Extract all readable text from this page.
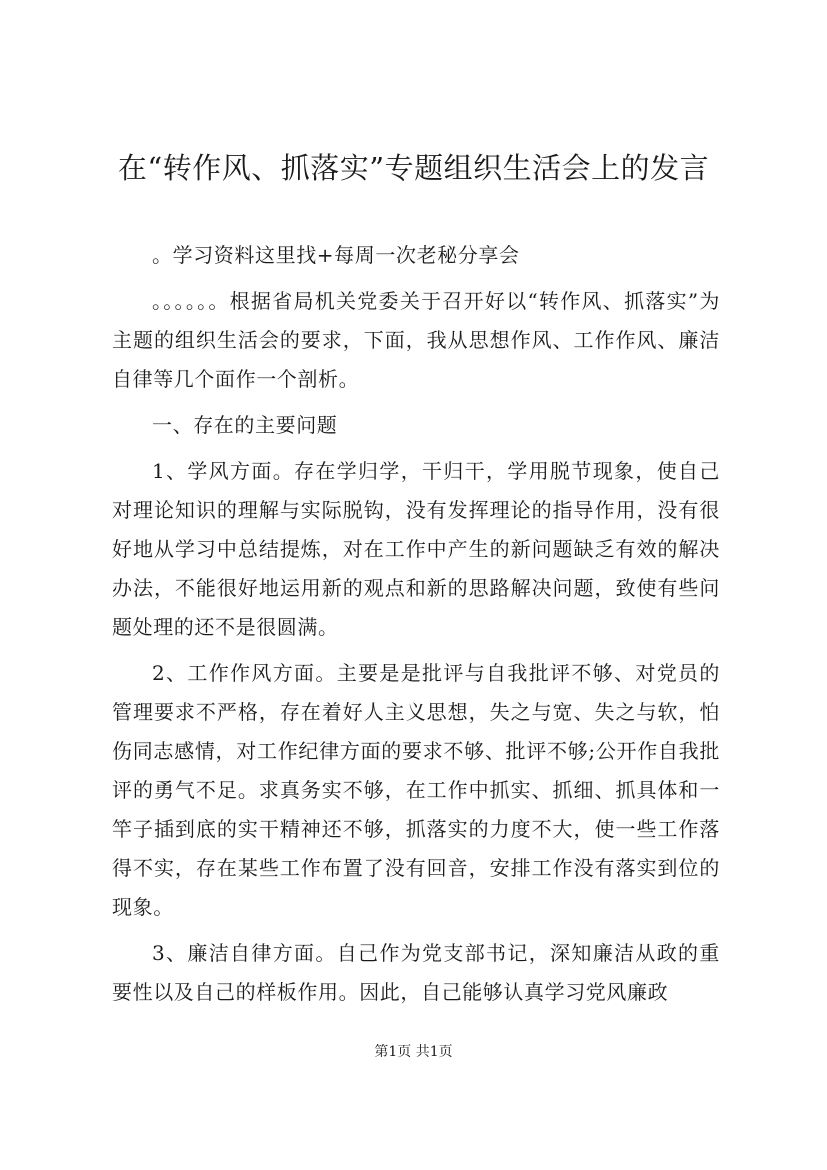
在“转作风、抓落实”专题组织生活会上的发言

。学习资料这里找+每周一次老秘分享会

。。。。。。根据省局机关党委关于召开好以“转作风、抓落实”为主题的组织生活会的要求，下面，我从思想作风、工作作风、廉洁自律等几个面作一个剖析。

一、存在的主要问题

1、学风方面。存在学归学，干归干，学用脱节现象，使自己对理论知识的理解与实际脱钩，没有发挥理论的指导作用，没有很好地从学习中总结提炼，对在工作中产生的新问题缺乏有效的解决办法，不能很好地运用新的观点和新的思路解决问题，致使有些问题处理的还不是很圆满。

2、工作作风方面。主要是是批评与自我批评不够、对党员的管理要求不严格，存在着好人主义思想，失之与宽、失之与软，怕伤同志感情，对工作纪律方面的要求不够、批评不够;公开作自我批评的勇气不足。求真务实不够，在工作中抓实、抓细、抓具体和一竿子插到底的实干精神还不够，抓落实的力度不大，使一些工作落得不实，存在某些工作布置了没有回音，安排工作没有落实到位的现象。

3、廉洁自律方面。自己作为党支部书记，深知廉洁从政的重要性以及自己的样板作用。因此，自己能够认真学习党风廉政

第1页 共1页
